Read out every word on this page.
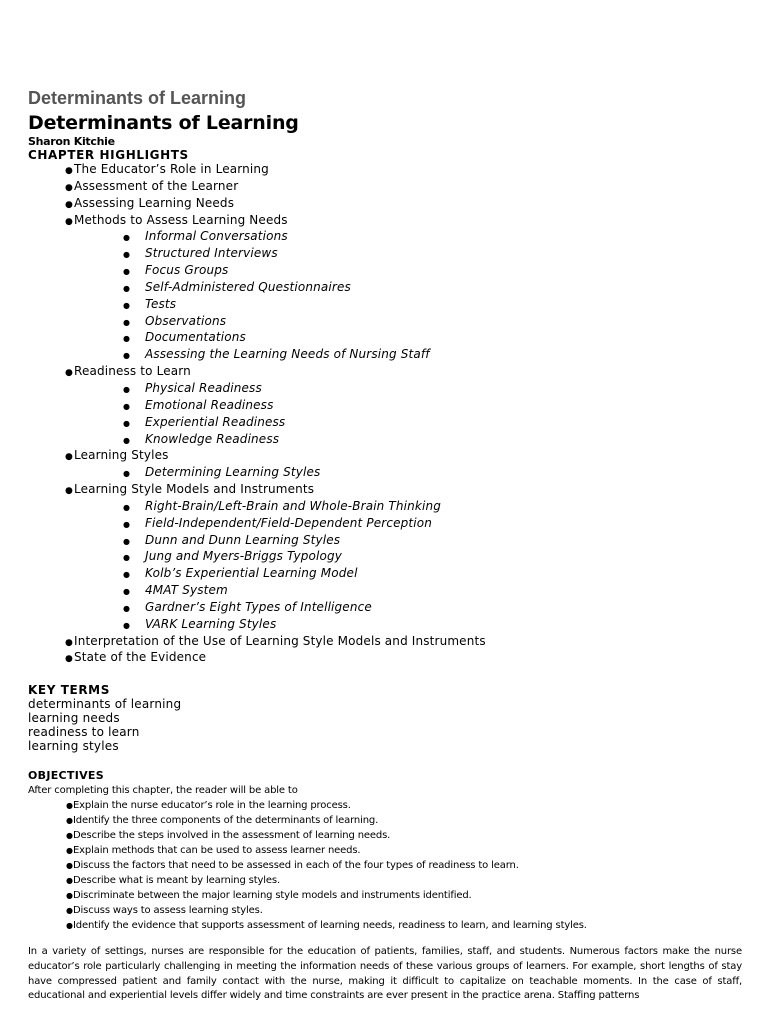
Determinants of Learning
Determinants of Learning

Sharon Kitchie

CHAPTER HIGHLIGHTS

●The Educator’s Role in Learning
●Assessment of the Learner
●Assessing Learning Needs
●Methods to Assess Learning Needs
● Informal Conversations
● Structured Interviews
● Focus Groups
● Self-Administered Questionnaires
● Tests
● Observations
● Documentations
● Assessing the Learning Needs of Nursing Staff
●Readiness to Learn
● Physical Readiness
● Emotional Readiness
● Experiential Readiness
● Knowledge Readiness
●Learning Styles
● Determining Learning Styles
●Learning Style Models and Instruments
● Right-Brain/Left-Brain and Whole-Brain Thinking
● Field-Independent/Field-Dependent Perception
● Dunn and Dunn Learning Styles
● Jung and Myers-Briggs Typology
● Kolb’s Experiential Learning Model
● 4MAT System
● Gardner’s Eight Types of Intelligence
● VARK Learning Styles
●Interpretation of the Use of Learning Style Models and Instruments
●State of the Evidence

KEY TERMS

determinants of learning
learning needs
readiness to learn
learning styles

OBJECTIVES

After completing this chapter, the reader will be able to
●Explain the nurse educator’s role in the learning process.
●Identify the three components of the determinants of learning.
●Describe the steps involved in the assessment of learning needs.
●Explain methods that can be used to assess learner needs.
●Discuss the factors that need to be assessed in each of the four types of readiness to learn.
●Describe what is meant by learning styles.
●Discriminate between the major learning style models and instruments identified.
●Discuss ways to assess learning styles.
●Identify the evidence that supports assessment of learning needs, readiness to learn, and learning styles.

In a variety of settings, nurses are responsible for the education of patients, families, staff, and students. Numerous factors make the nurse educator’s role particularly challenging in meeting the information needs of these various groups of learners. For example, short lengths of stay have compressed patient and family contact with the nurse, making it difficult to capitalize on teachable moments. In the case of staff, educational and experiential levels differ widely and time constraints are ever present in the practice arena. Staffing patterns
